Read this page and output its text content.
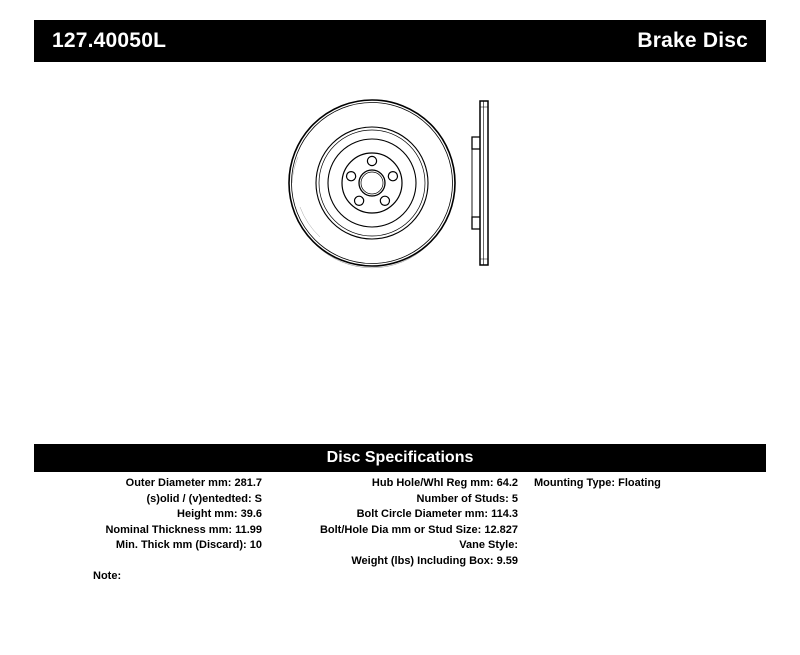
127.40050L	Brake Disc
Disc Specifications
Outer Diameter mm: 281.7
(s)olid / (v)entedted: S
Height mm: 39.6
Nominal Thickness mm: 11.99
Min. Thick mm (Discard): 10
Hub Hole/Whl Reg mm: 64.2
Number of Studs: 5
Bolt Circle Diameter mm: 114.3
Bolt/Hole Dia mm or Stud Size: 12.827
Vane Style:
Weight (lbs) Including Box: 9.59
Mounting Type: Floating
Note:
